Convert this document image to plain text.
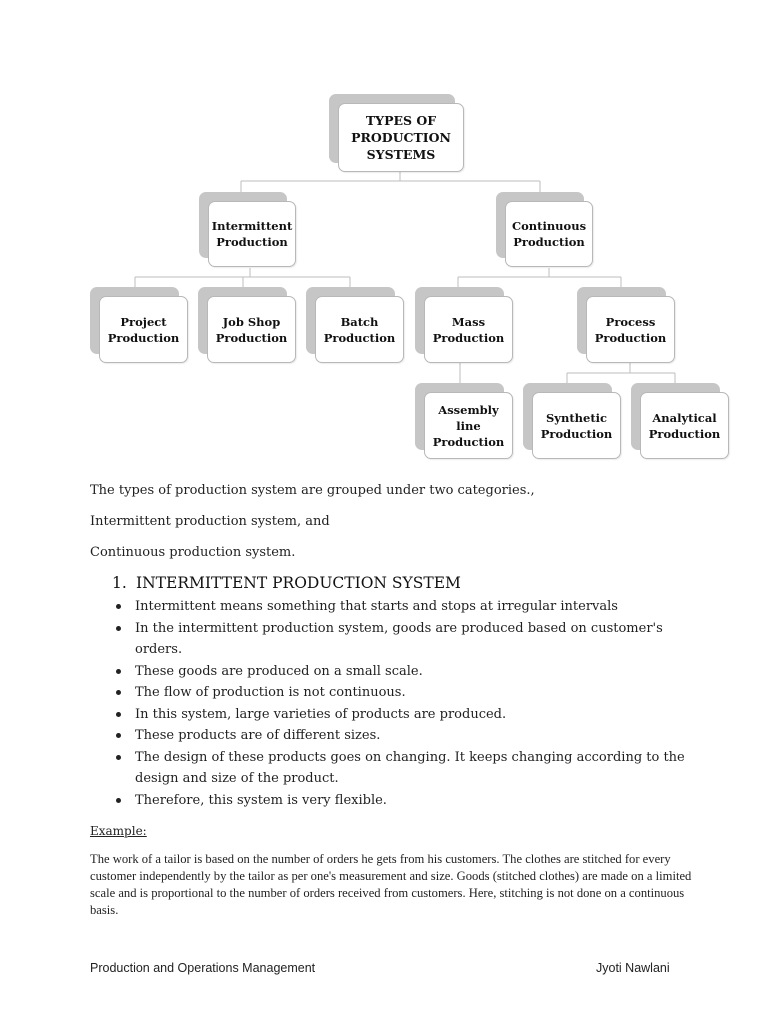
TYPES OF
PRODUCTION
SYSTEMS
Intermittent
Production
Continuous
Production
Project
Production
Job Shop
Production
Batch
Production
Mass
Production
Process
Production
Assembly
line
Production
Synthetic
Production
Analytical
Production
The types of production system are grouped under two categories.,
Intermittent production system, and
Continuous production system.
1. INTERMITTENT PRODUCTION SYSTEM
Intermittent means something that starts and stops at irregular intervals
In the intermittent production system, goods are produced based on customer's orders.
These goods are produced on a small scale.
The flow of production is not continuous.
In this system, large varieties of products are produced.
These products are of different sizes.
The design of these products goes on changing. It keeps changing according to the design and size of the product.
Therefore, this system is very flexible.
Example:
The work of a tailor is based on the number of orders he gets from his customers. The clothes are stitched for every customer independently by the tailor as per one's measurement and size. Goods (stitched clothes) are made on a limited scale and is proportional to the number of orders received from customers. Here, stitching is not done on a continuous basis.
Production and Operations Management	Jyoti Nawlani
